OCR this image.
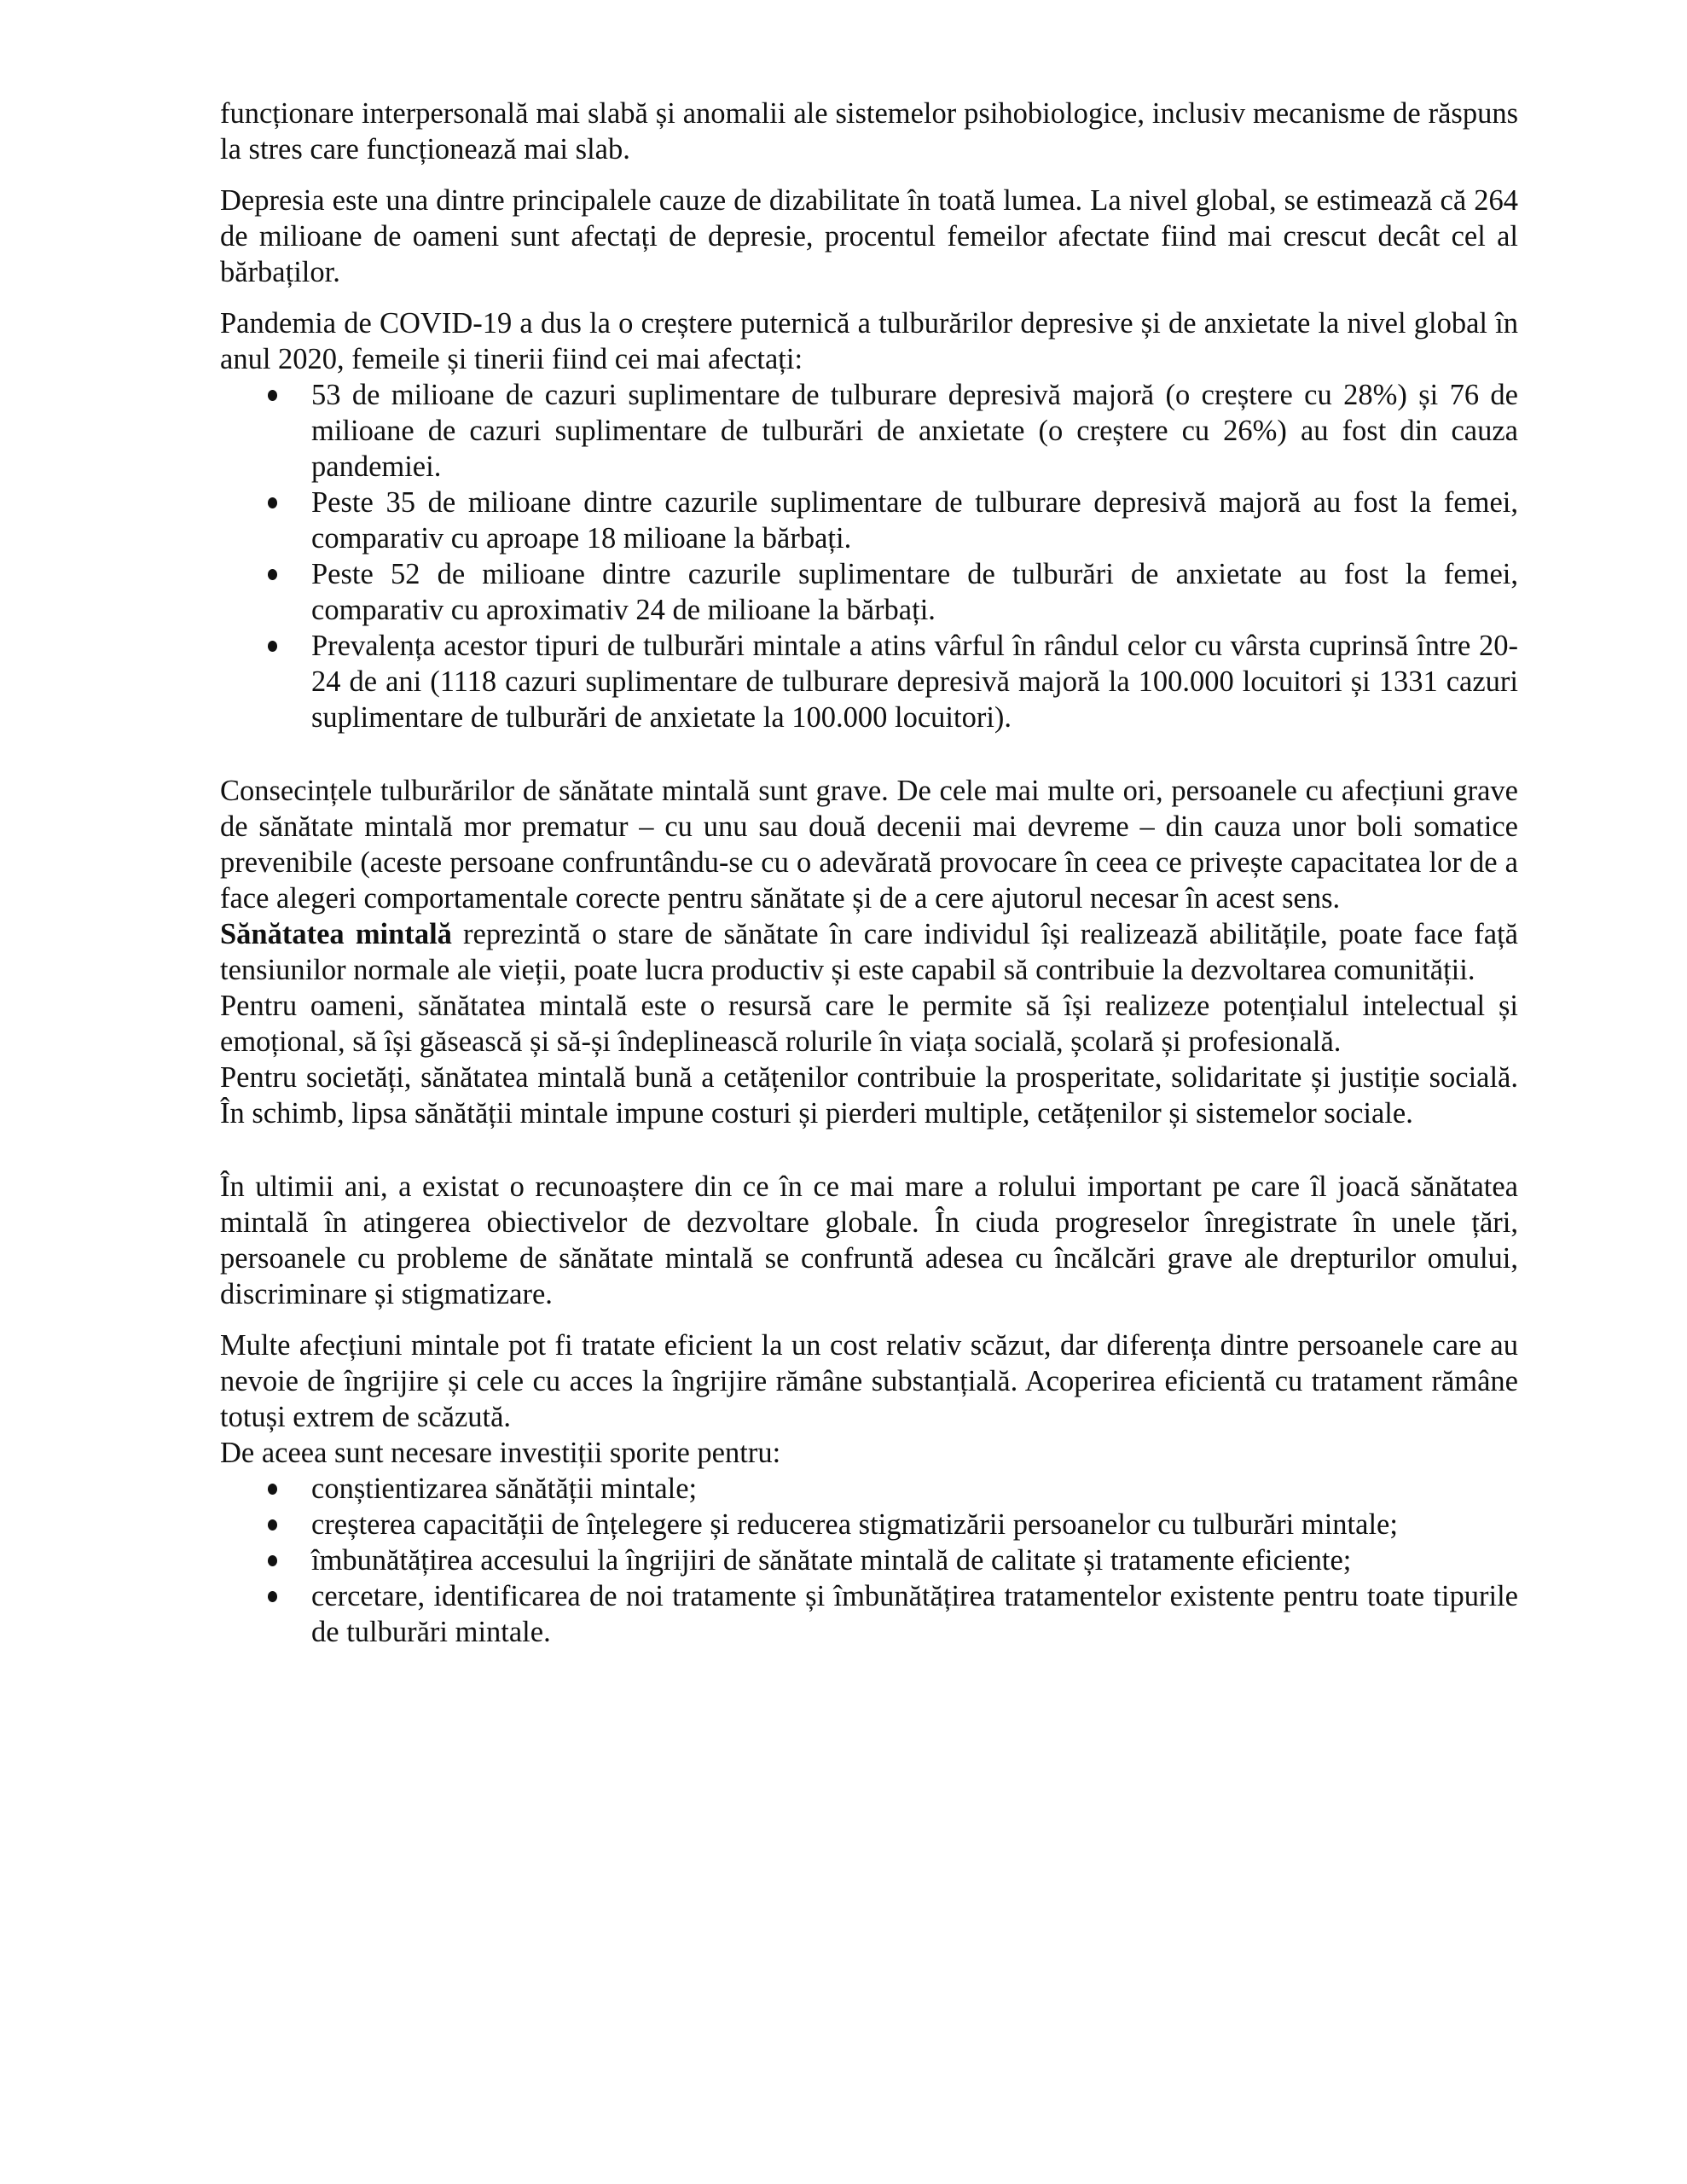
funcționare interpersonală mai slabă și anomalii ale sistemelor psihobiologice, inclusiv mecanisme de răspuns la stres care funcționează mai slab.

Depresia este una dintre principalele cauze de dizabilitate în toată lumea. La nivel global, se estimează că 264 de milioane de oameni sunt afectați de depresie, procentul femeilor afectate fiind mai crescut decât cel al bărbaților.

Pandemia de COVID-19 a dus la o creștere puternică a tulburărilor depresive și de anxietate la nivel global în anul 2020, femeile și tinerii fiind cei mai afectați:

53 de milioane de cazuri suplimentare de tulburare depresivă majoră (o creștere cu 28%) și 76 de milioane de cazuri suplimentare de tulburări de anxietate (o creștere cu 26%) au fost din cauza pandemiei.
Peste 35 de milioane dintre cazurile suplimentare de tulburare depresivă majoră au fost la femei, comparativ cu aproape 18 milioane la bărbați.
Peste 52 de milioane dintre cazurile suplimentare de tulburări de anxietate au fost la femei, comparativ cu aproximativ 24 de milioane la bărbați.
Prevalența acestor tipuri de tulburări mintale a atins vârful în rândul celor cu vârsta cuprinsă între 20-24 de ani (1118 cazuri suplimentare de tulburare depresivă majoră la 100.000 locuitori și 1331 cazuri suplimentare de tulburări de anxietate la 100.000 locuitori).

Consecințele tulburărilor de sănătate mintală sunt grave. De cele mai multe ori, persoanele cu afecțiuni grave de sănătate mintală mor prematur – cu unu sau două decenii mai devreme – din cauza unor boli somatice prevenibile (aceste persoane confruntându-se cu o adevărată provocare în ceea ce privește capacitatea lor de a face alegeri comportamentale corecte pentru sănătate și de a cere ajutorul necesar în acest sens.

Sănătatea mintală reprezintă o stare de sănătate în care individul își realizează abilitățile, poate face față tensiunilor normale ale vieții, poate lucra productiv și este capabil să contribuie la dezvoltarea comunității.

Pentru oameni, sănătatea mintală este o resursă care le permite să își realizeze potențialul intelectual și emoțional, să își găsească și să-și îndeplinească rolurile în viața socială, școlară și profesională.

Pentru societăți, sănătatea mintală bună a cetățenilor contribuie la prosperitate, solidaritate și justiție socială. În schimb, lipsa sănătății mintale impune costuri și pierderi multiple, cetățenilor și sistemelor sociale.

În ultimii ani, a existat o recunoaștere din ce în ce mai mare a rolului important pe care îl joacă sănătatea mintală în atingerea obiectivelor de dezvoltare globale. În ciuda progreselor înregistrate în unele țări, persoanele cu probleme de sănătate mintală se confruntă adesea cu încălcări grave ale drepturilor omului, discriminare și stigmatizare.

Multe afecțiuni mintale pot fi tratate eficient la un cost relativ scăzut, dar diferența dintre persoanele care au nevoie de îngrijire și cele cu acces la îngrijire rămâne substanțială. Acoperirea eficientă cu tratament rămâne totuși extrem de scăzută.

De aceea sunt necesare investiții sporite pentru:

conștientizarea sănătății mintale;
creșterea capacității de înțelegere și reducerea stigmatizării persoanelor cu tulburări mintale;
îmbunătățirea accesului la îngrijiri de sănătate mintală de calitate și tratamente eficiente;
cercetare, identificarea de noi tratamente și îmbunătățirea tratamentelor existente pentru toate tipurile de tulburări mintale.
